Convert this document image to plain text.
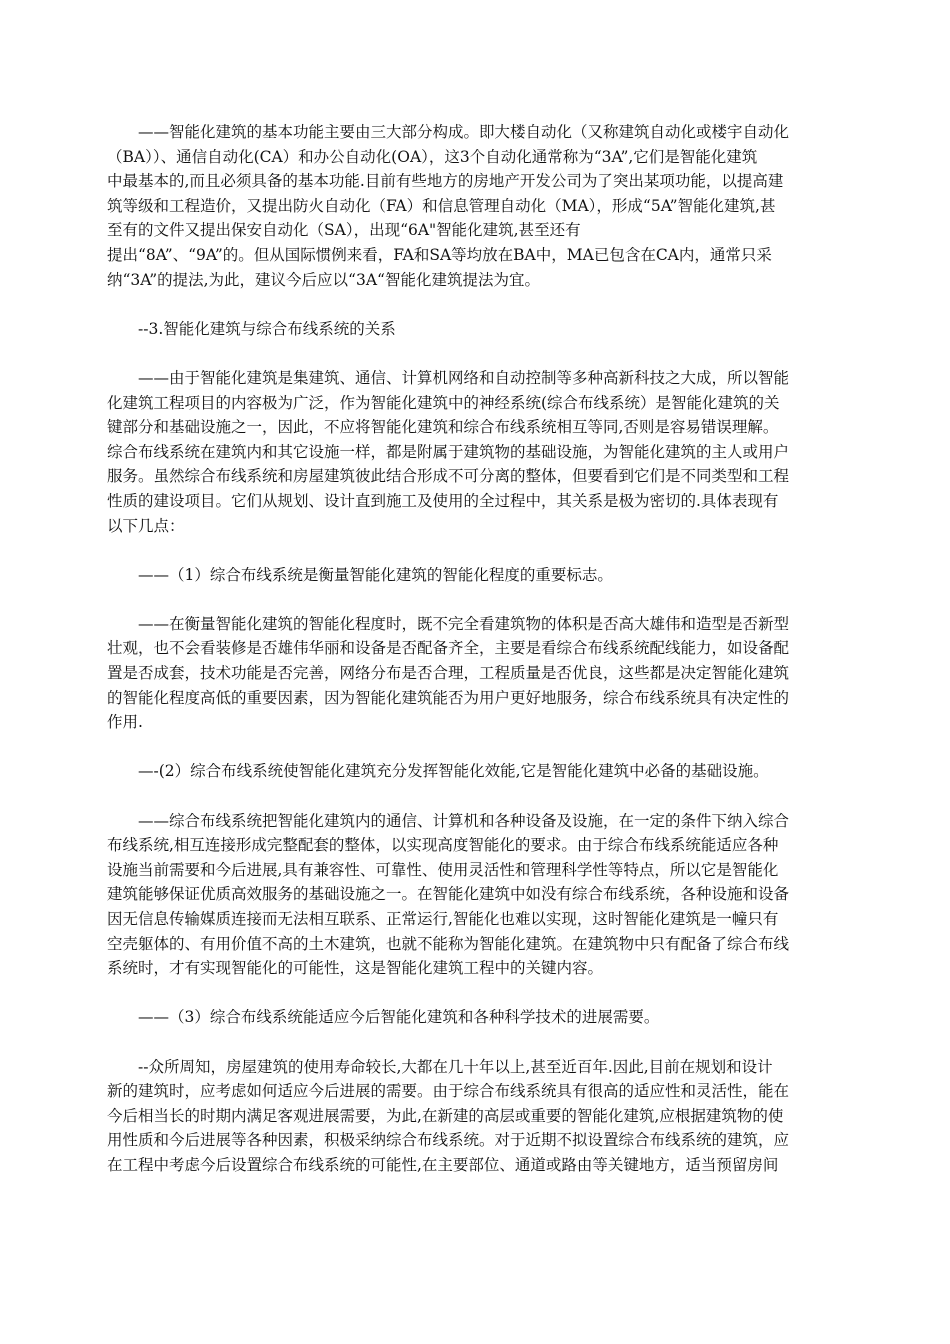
　　——智能化建筑的基本功能主要由三大部分构成。即大楼自动化（又称建筑自动化或楼宇自动化
（BA））、通信自动化(CA）和办公自动化(OA），这3个自动化通常称为“3A”,它们是智能化建筑
中最基本的,而且必须具备的基本功能.目前有些地方的房地产开发公司为了突出某项功能，以提高建
筑等级和工程造价，又提出防火自动化（FA）和信息管理自动化（MA），形成“5A”智能化建筑,甚
至有的文件又提出保安自动化（SA），出现“6A"智能化建筑,甚至还有
提出“8A”、“9A”的。但从国际惯例来看，FA和SA等均放在BA中，MA已包含在CA内，通常只采
纳“3A”的提法,为此，建议今后应以“3A“智能化建筑提法为宜。
　　--3.智能化建筑与综合布线系统的关系
　　——由于智能化建筑是集建筑、通信、计算机网络和自动控制等多种高新科技之大成，所以智能
化建筑工程项目的内容极为广泛，作为智能化建筑中的神经系统(综合布线系统）是智能化建筑的关
键部分和基础设施之一，因此，不应将智能化建筑和综合布线系统相互等同,否则是容易错误理解。
综合布线系统在建筑内和其它设施一样，都是附属于建筑物的基础设施，为智能化建筑的主人或用户
服务。虽然综合布线系统和房屋建筑彼此结合形成不可分离的整体，但要看到它们是不同类型和工程
性质的建设项目。它们从规划、设计直到施工及使用的全过程中，其关系是极为密切的.具体表现有
以下几点：
　　——（1）综合布线系统是衡量智能化建筑的智能化程度的重要标志。
　　——在衡量智能化建筑的智能化程度时，既不完全看建筑物的体积是否高大雄伟和造型是否新型
壮观，也不会看装修是否雄伟华丽和设备是否配备齐全，主要是看综合布线系统配线能力，如设备配
置是否成套，技术功能是否完善，网络分布是否合理，工程质量是否优良，这些都是决定智能化建筑
的智能化程度高低的重要因素，因为智能化建筑能否为用户更好地服务，综合布线系统具有决定性的
作用.
　　—-(2）综合布线系统使智能化建筑充分发挥智能化效能,它是智能化建筑中必备的基础设施。
　　——综合布线系统把智能化建筑内的通信、计算机和各种设备及设施，在一定的条件下纳入综合
布线系统,相互连接形成完整配套的整体，以实现高度智能化的要求。由于综合布线系统能适应各种
设施当前需要和今后进展,具有兼容性、可靠性、使用灵活性和管理科学性等特点，所以它是智能化
建筑能够保证优质高效服务的基础设施之一。在智能化建筑中如没有综合布线系统，各种设施和设备
因无信息传输媒质连接而无法相互联系、正常运行,智能化也难以实现，这时智能化建筑是一幢只有
空壳躯体的、有用价值不高的土木建筑，也就不能称为智能化建筑。在建筑物中只有配备了综合布线
系统时，才有实现智能化的可能性，这是智能化建筑工程中的关键内容。
　　——（3）综合布线系统能适应今后智能化建筑和各种科学技术的进展需要。
　　--众所周知，房屋建筑的使用寿命较长,大都在几十年以上,甚至近百年.因此,目前在规划和设计
新的建筑时，应考虑如何适应今后进展的需要。由于综合布线系统具有很高的适应性和灵活性，能在
今后相当长的时期内满足客观进展需要，为此,在新建的高层或重要的智能化建筑,应根据建筑物的使
用性质和今后进展等各种因素，积极采纳综合布线系统。对于近期不拟设置综合布线系统的建筑，应
在工程中考虑今后设置综合布线系统的可能性,在主要部位、通道或路由等关键地方，适当预留房间
